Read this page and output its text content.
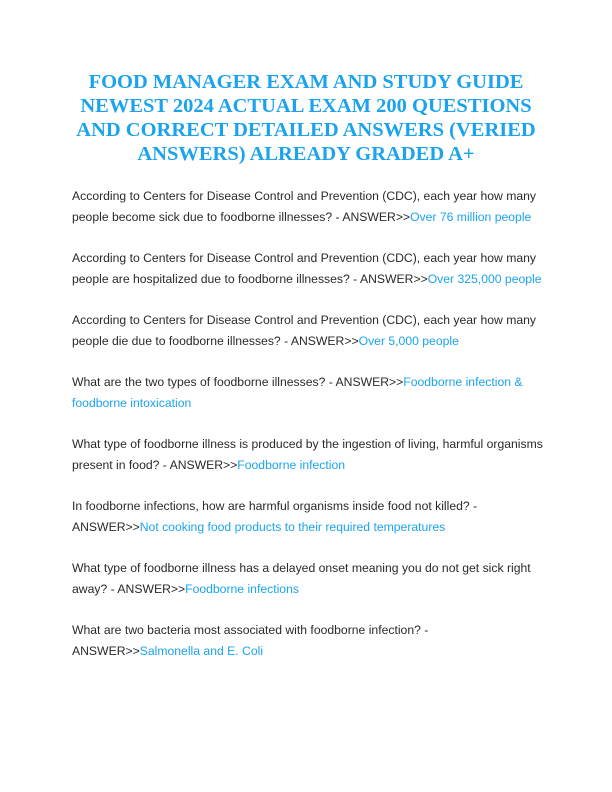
FOOD MANAGER EXAM AND STUDY GUIDE
NEWEST 2024 ACTUAL EXAM 200 QUESTIONS
AND CORRECT DETAILED ANSWERS (VERIED
ANSWERS) ALREADY GRADED A+
According to Centers for Disease Control and Prevention (CDC), each year how many
people become sick due to foodborne illnesses? - ANSWER>>Over 76 million people
According to Centers for Disease Control and Prevention (CDC), each year how many
people are hospitalized due to foodborne illnesses? - ANSWER>>Over 325,000 people
According to Centers for Disease Control and Prevention (CDC), each year how many
people die due to foodborne illnesses? - ANSWER>>Over 5,000 people
What are the two types of foodborne illnesses? - ANSWER>>Foodborne infection &
foodborne intoxication
What type of foodborne illness is produced by the ingestion of living, harmful organisms
present in food? - ANSWER>>Foodborne infection
In foodborne infections, how are harmful organisms inside food not killed? -
ANSWER>>Not cooking food products to their required temperatures
What type of foodborne illness has a delayed onset meaning you do not get sick right
away? - ANSWER>>Foodborne infections
What are two bacteria most associated with foodborne infection? -
ANSWER>>Salmonella and E. Coli
